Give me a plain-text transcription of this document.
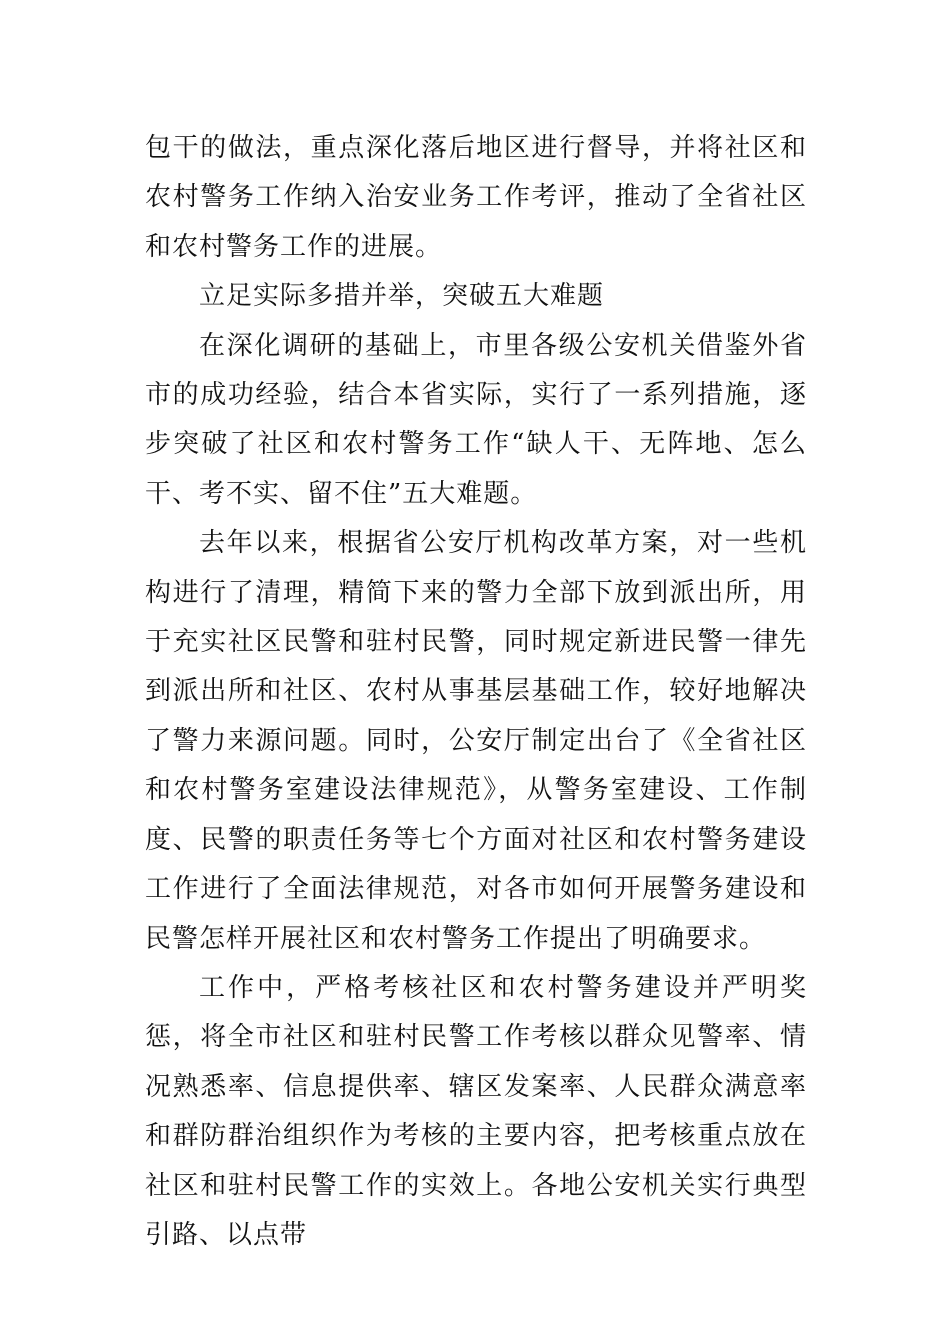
包干的做法，重点深化落后地区进行督导，并将社区和农村警务工作纳入治安业务工作考评，推动了全省社区和农村警务工作的进展。

立足实际多措并举，突破五大难题

在深化调研的基础上，市里各级公安机关借鉴外省市的成功经验，结合本省实际，实行了一系列措施，逐步突破了社区和农村警务工作“缺人干、无阵地、怎么干、考不实、留不住”五大难题。

去年以来，根据省公安厅机构改革方案，对一些机构进行了清理，精简下来的警力全部下放到派出所，用于充实社区民警和驻村民警，同时规定新进民警一律先到派出所和社区、农村从事基层基础工作，较好地解决了警力来源问题。同时，公安厅制定出台了《全省社区和农村警务室建设法律规范》，从警务室建设、工作制度、民警的职责任务等七个方面对社区和农村警务建设工作进行了全面法律规范，对各市如何开展警务建设和民警怎样开展社区和农村警务工作提出了明确要求。

工作中，严格考核社区和农村警务建设并严明奖惩，将全市社区和驻村民警工作考核以群众见警率、情况熟悉率、信息提供率、辖区发案率、人民群众满意率和群防群治组织作为考核的主要内容，把考核重点放在社区和驻村民警工作的实效上。各地公安机关实行典型引路、以点带
